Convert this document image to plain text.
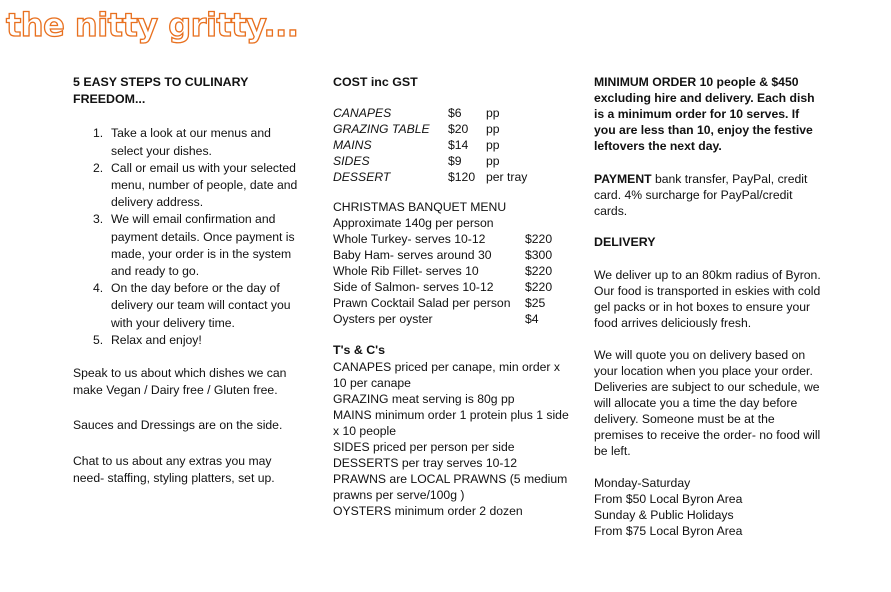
the nitty gritty...

5 EASY STEPS TO CULINARY FREEDOM...

1. Take a look at our menus and select your dishes.
2. Call or email us with your selected menu, number of people, date and delivery address.
3. We will email confirmation and payment details. Once payment is made, your order is in the system and ready to go.
4. On the day before or the day of delivery our team will contact you with your delivery time.
5. Relax and enjoy!

Speak to us about which dishes we can make Vegan / Dairy free / Gluten free.

Sauces and Dressings are on the side.

Chat to us about any extras you may need- staffing, styling platters, set up.

COST inc GST

CANAPES	$6	pp
GRAZING TABLE	$20	pp
MAINS	$14	pp
SIDES	$9	pp
DESSERT	$120	per tray

CHRISTMAS BANQUET MENU

Approximate 140g per person

Whole Turkey- serves 10-12	$220
Baby Ham- serves around 30	$300
Whole Rib Fillet- serves 10	$220
Side of Salmon- serves 10-12	$220
Prawn Cocktail Salad per person	$25
Oysters per oyster	$4

T's & C's

CANAPES priced per canape, min order x 10 per canape

GRAZING meat serving is 80g pp

MAINS minimum order 1 protein plus 1 side x 10 people

SIDES priced per person per side

DESSERTS per tray serves 10-12

PRAWNS are LOCAL PRAWNS (5 medium prawns per serve/100g )

OYSTERS minimum order 2 dozen

MINIMUM ORDER 10 people & $450 excluding hire and delivery. Each dish is a minimum order for 10 serves. If you are less than 10, enjoy the festive leftovers the next day.

PAYMENT bank transfer, PayPal, credit card. 4% surcharge for PayPal/credit cards.

DELIVERY

We deliver up to an 80km radius of Byron. Our food is transported in eskies with cold gel packs or in hot boxes to ensure your food arrives deliciously fresh.

We will quote you on delivery based on your location when you place your order. Deliveries are subject to our schedule, we will allocate you a time the day before delivery. Someone must be at the premises to receive the order- no food will be left.

Monday-Saturday

From $50 Local Byron Area

Sunday & Public Holidays

From $75 Local Byron Area
